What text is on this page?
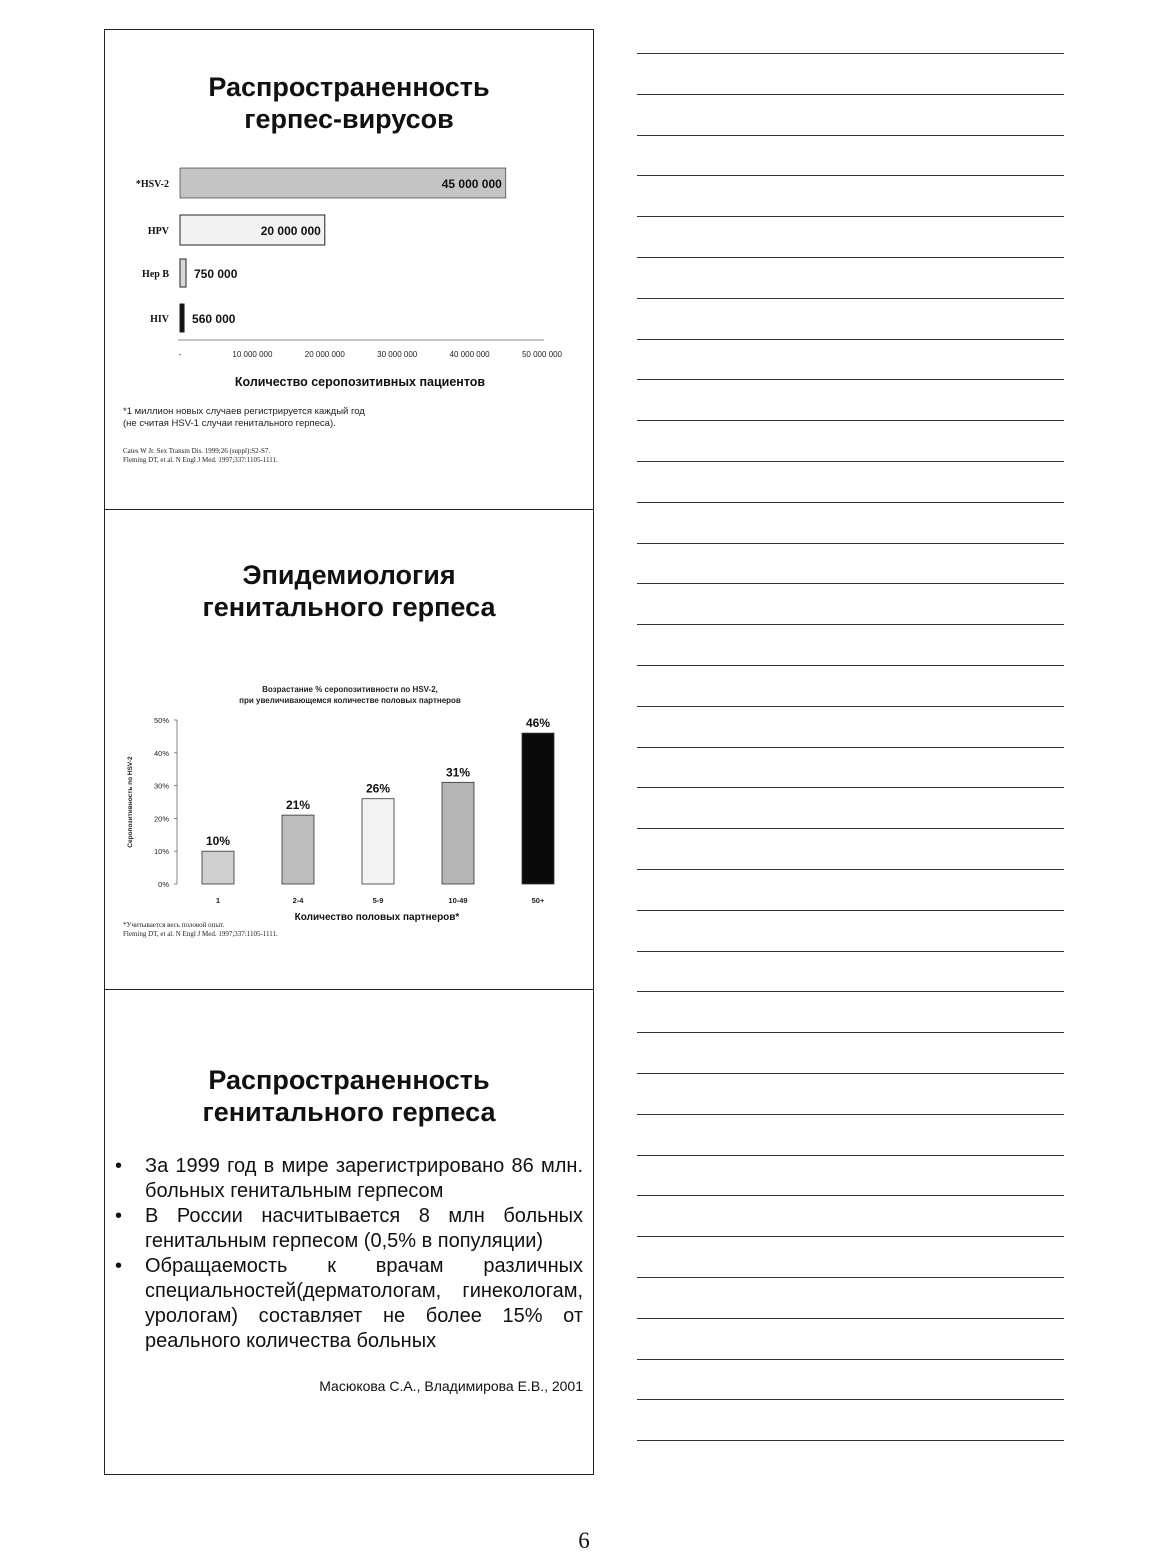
Распространенность
герпес-вирусов
*HSV-2	45 000 000
HPV	20 000 000
Hep B 750 000
HIV 560 000
-	10 000 000	20 000 000	30 000 000	40 000 000	50 000 000
Количество серопозитивных пациентов
*1 миллион новых случаев регистрируется каждый год
(не считая HSV-1 случаи генитального герпеса).
Cates W Jr. Sex Transm Dis. 1999;26 (suppl):S2-S7.
Fleming DT, et al. N Engl J Med. 1997;337:1105-1111.
Эпидемиология
генитального герпеса
Возрастание % серопозитивности по HSV-2,
при увеличивающемся количестве половых партнеров
0%
10%
20%
30%
40%
50%
Серопозитивность по HSV-2	10%
1
21%
2-4
26%
5-9
31%
10-49
46%
50+
Количество половых партнеров*
*Учитывается весь половой опыт.
Fleming DT, et al. N Engl J Med. 1997;337:1105-1111.
Распространенность
генитального герпеса
•	За 1999 год в мире зарегистрировано 86 млн. больных генитальным герпесом
•	В России насчитывается 8 млн больных генитальным герпесом (0,5% в популяции)
•	Обращаемость к врачам различных специальностей(дерматологам, гинекологам, урологам) составляет не более 15% от реального количества больных
Масюкова С.А., Владимирова Е.В., 2001
6
